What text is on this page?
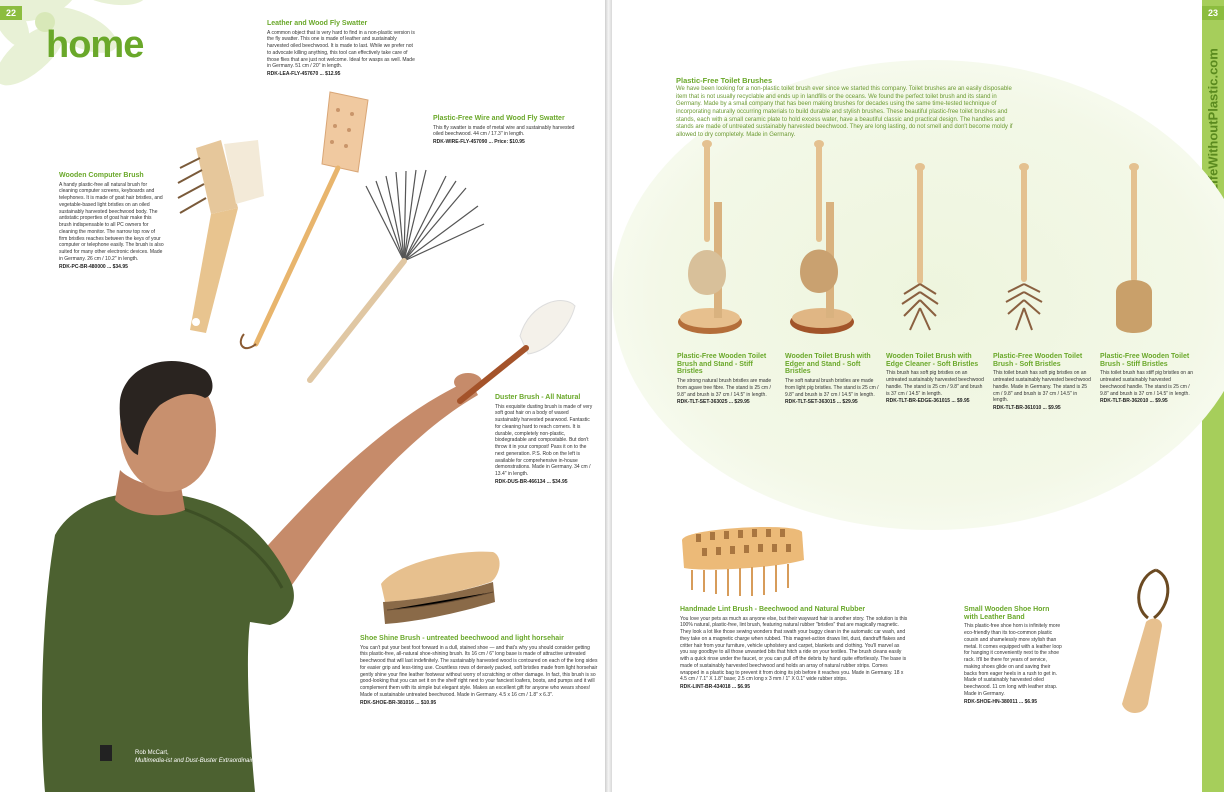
22
home
Rob McCart,
Multimedia-ist and Dust-Buster Extraordinaire
Leather and Wood Fly Swatter
A common object that is very hard to find in a non-plastic version is the fly swatter. This one is made of leather and sustainably harvested oiled beechwood. It is made to last. While we prefer not to advocate killing anything, this tool can effectively take care of those flies that are just not welcome. Ideal for wasps as well. Made in Germany. 51 cm / 20" in length.
RDK-LEA-FLY-457670 ... $12.95
Plastic-Free Wire and Wood Fly Swatter
This fly swatter is made of metal wire and sustainably harvested oiled beechwood. 44 cm / 17.3" in length.
RDK-WIRE-FLY-457090 ... Price: $10.95
Wooden Computer Brush
A handy plastic-free all natural brush for cleaning computer screens, keyboards and telephones. It is made of goat hair bristles, and vegetable-based light bristles on an oiled sustainably harvested beechwood body. The antistatic properties of goat hair make this brush indispensable to all PC owners for cleaning the monitor. The narrow top row of firm bristles reaches between the keys of your computer or telephone easily. The brush is also suited for many other electronic devices. Made in Germany. 26 cm / 10.2" in length.
RDK-PC-BR-480000 ... $34.95
Duster Brush - All Natural
This exquisite dusting brush is made of very soft goat hair on a body of waxed sustainably harvested pearwood. Fantastic for cleaning hard to reach corners. It is durable, completely non-plastic, biodegradable and compostable. But don't throw it in your compost! Pass it on to the next generation. P.S. Rob on the left is available for comprehensive in-house demonstrations. Made in Germany. 34 cm / 13.4" in length.
RDK-DUS-BR-466134 ... $34.95
Shoe Shine Brush - untreated beechwood and light horsehair
You can't put your best foot forward in a dull, stained shoe — and that's why you should consider getting this plastic-free, all-natural shoe-shining brush. Its 16 cm / 6" long base is made of attractive untreated beechwood that will last indefinitely. The sustainably harvested wood is contoured on each of the long sides for easier grip and less-tiring use. Countless rows of densely packed, soft bristles made from light horsehair gently shine your fine leather footwear without worry of scratching or other damage. In fact, this brush is so good-looking that you can set it on the shelf right next to your fanciest loafers, boots, and pumps and it will complement them with its simple but elegant style. Makes an excellent gift for anyone who wears shoes! Made of sustainable untreated beechwood. Made in Germany. 4.5 x 16 cm / 1.8" x 6.3".
RDK-SHOE-BR-381016 ... $10.95
23
LifeWithoutPlastic.com
Plastic-Free Toilet Brushes
We have been looking for a non-plastic toilet brush ever since we started this company. Toilet brushes are an easily disposable item that is not usually recyclable and ends up in landfills or the oceans. We found the perfect toilet brush and its stand in Germany. Made by a small company that has been making brushes for decades using the same time-tested technique of incorporating naturally occurring materials to build durable and stylish brushes. These beautiful plastic-free toilet brushes and stands, each with a small ceramic plate to hold excess water, have a beautiful classic and practical design. The handles and stands are made of untreated sustainably harvested beechwood. They are long lasting, do not smell and don't become moldy if allowed to dry completely. Made in Germany.
Plastic-Free Wooden Toilet Brush and Stand - Stiff Bristles
The strong natural brush bristles are made from agave tree fibre. The stand is 25 cm / 9.8" and brush is 37 cm / 14.5" in length.
RDK-TLT-SET-363025 ... $29.95
Wooden Toilet Brush with Edger and Stand - Soft Bristles
The soft natural brush bristles are made from light pig bristles. The stand is 25 cm / 9.8" and brush is 37 cm / 14.5" in length.
RDK-TLT-SET-363015 ... $29.95
Wooden Toilet Brush with Edge Cleaner - Soft Bristles
This brush has soft pig bristles on an untreated sustainably harvested beechwood handle. The stand is 25 cm / 9.8" and brush is 37 cm / 14.5" in length.
RDK-TLT-BR-EDGE-361015 ... $9.95
Plastic-Free Wooden Toilet Brush - Soft Bristles
This toilet brush has soft pig bristles on an untreated sustainably harvested beechwood handle. Made in Germany. The stand is 25 cm / 9.8" and brush is 37 cm / 14.5" in length.
RDK-TLT-BR-361010 ... $9.95
Plastic-Free Wooden Toilet Brush - Stiff Bristles
This toilet brush has stiff pig bristles on an untreated sustainably harvested beechwood handle. The stand is 25 cm / 9.8" and brush is 37 cm / 14.5" in length.
RDK-TLT-BR-362010 ... $9.95
Handmade Lint Brush - Beechwood and Natural Rubber
You love your pets as much as anyone else, but their wayward hair is another story. The solution is this 100% natural, plastic-free, lint brush, featuring natural rubber "bristles" that are magically magnetic. They look a lot like those sewing wonders that swath your buggy clean in the automatic car wash, and they take on a magnetic charge when rubbed. This magnet-action draws lint, dust, dandruff flakes and critter hair from your furniture, vehicle upholstery and carpet, blankets and clothing. You'll marvel as you say goodbye to all those unwanted bits that hitch a ride on your textiles. The brush cleans easily with a quick rinse under the faucet, or you can pull off the debris by hand quite effortlessly. The base is made of sustainably harvested beechwood and holds an array of natural rubber strips. Comes wrapped in a plastic bag to prevent it from doing its job before it reaches you. Made in Germany. 18 x 4.5 cm / 7.1" X 1.8" base; 2.5 cm long x 3 mm / 1" X 0.1" wide rubber strips.
RDK-LINT-BR-434018 ... $6.95
Small Wooden Shoe Horn with Leather Band
This plastic-free shoe horn is infinitely more eco-friendly than its too-common plastic cousin and shamelessly more stylish than metal. It comes equipped with a leather loop for hanging it conveniently next to the shoe rack. It'll be there for years of service, making shoes glide on and saving their backs from eager heels in a rush to get in. Made of sustainably harvested oiled beechwood. 11 cm long with leather strap. Made in Germany.
RDK-SHOE-HN-380011 ... $6.95
